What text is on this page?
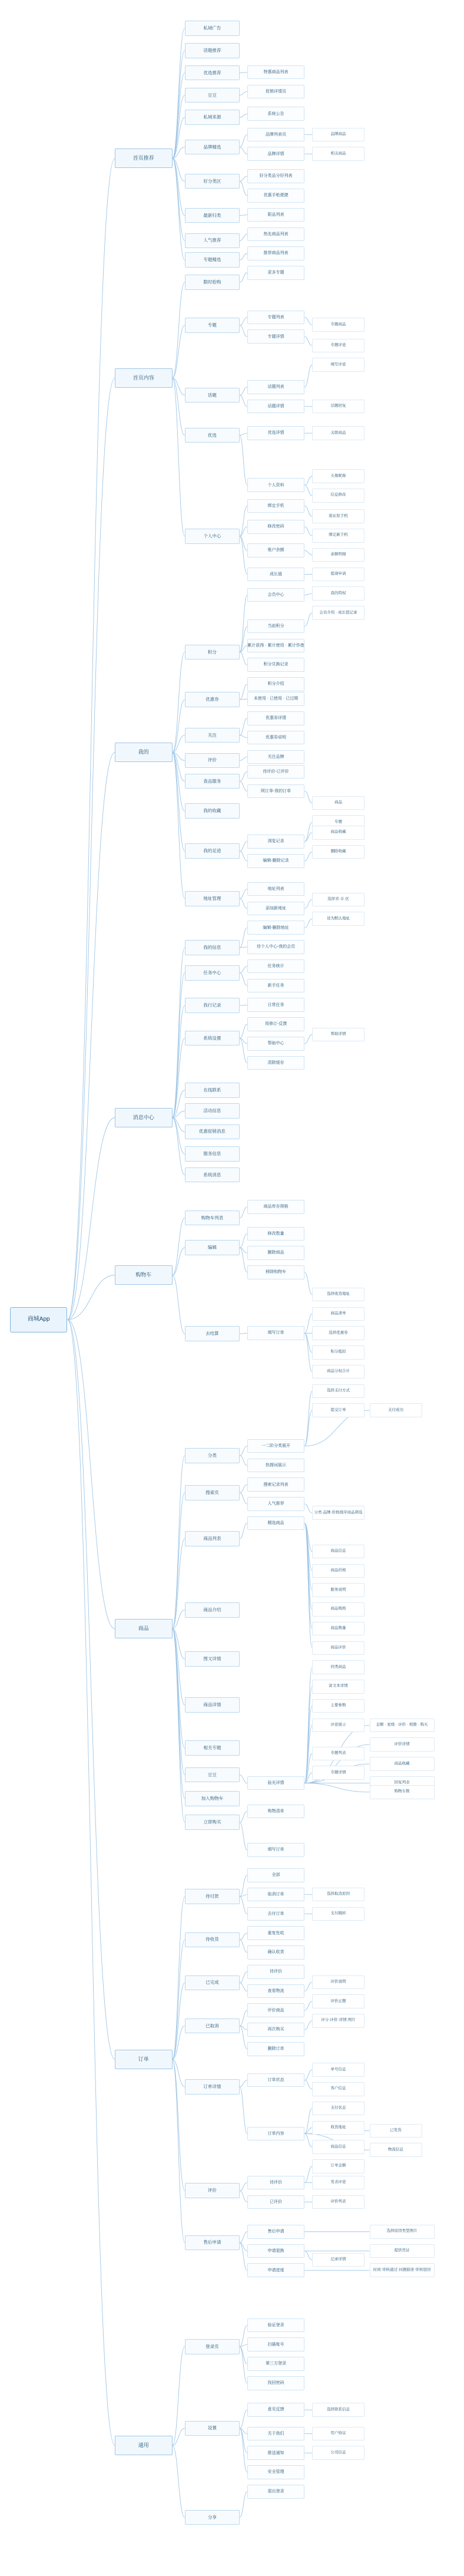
商城App
首页推荐
私域广告
话题推荐
优选推荐
豆豆
私域来源
品牌精选
好分类区
最新归类
人气推荐
专题精选
限时抢购
特惠商品列表
促销详情页
系统公告
品牌列表页
品牌详情
好分类品分好列表
优惠手枪便捷
限品列表
热先商品列表
推荐商品列表
更多专题
品牌商品
相关商品
首页内容
专题
话题
优选
专题列表
专题详情
专题商品
专题评论
填写评论
话题列表
话题详情	话题回复
优选详情	关联商品
我的
个人中心
积分
优惠券
关注
评价
查品服务
我的收藏
我的足迹
地址管理
我的信息
任务中心
我行记录
系统设置
个人资料
绑定手机
修改密码
账户余额
成长值
会员中心
头像昵称
信息修改
验证原手机
绑定新手机
余额明细
提现申请
我的特权
会员介绍 · 成长值记录
当前积分
累计获得 · 累计使用 · 累计作废
积分兑换记录
积分介绍
未使用 · 已使用 · 已过期
优惠券详情
优惠券说明
关注品牌
待评价-已评价
网订单-我的订单
商品
专题
浏览记录
编辑-删除记录
商品收藏
删除收藏
地址列表
添加新地址
编辑-删除地址
选择省·市·区
设为默认地址
待个人中心-我的会员
任务统计
新手任务
日常任务
用修订-反馈
帮助中心
帮助详情
清除缓存
消息中心
在线联系
活动信息
优惠促销消息
服务信息
系统消息
购物车
购物车列表
编辑
去结算
商品库存规格
修改数量
删除商品
移除购物车
填写订单
选择收货地址
商品清单
选择优惠券
积分抵扣
商品分权合计
选择支付方式
提交订单	支付成功
商品
分类
搜索页
商品列表
商品介绍
图文详情
商品详情
相关专题
豆豆
加入购物车
立即购买
一二阶分类展开
热搜词展示
搜索记录列表
人气推荐
精选商品
分类·品牌·价格排序商品筛选
商品信息
商品价格
服务说明
商品规格
商品数量
商品评价
同类商品
富文本详情
主要参数
评论展示	金额 · 星级 · 评价 · 相册 · 购买
评价详情
商品收藏
回复列表
专题列表
专题详情
购物车数
验光详情
购物清单
填写订单
订单
待付款
待收货
已完成
已取消
订单详情
评价
售后申请
全部
取消订单
去付订单
重复性收
确认收货
待评价
查看物流
评价商品
再次购买
删除订单
订单状态
订单内容
选择取消原因
支付跳转
评价说明
评价正题
评分·评价·详情·图片
单号信息
客户信息
支付状态
收货地址
商品信息
订单金额
已发货
物流信息
待评价	发表评论
已评价	评价列表
售后申请
申请退换
申请进度
记录详情
选择原因类型图片
提供凭证
时间·审核通过·问题描述·审核驳回
通用
登录页
设置
分享
验证登录
扫描账号
第三方登录
找回密码
意见反馈
关于我们
推送通知
安全管理
退出登录
选择联系信息
用户协议
公司信息
